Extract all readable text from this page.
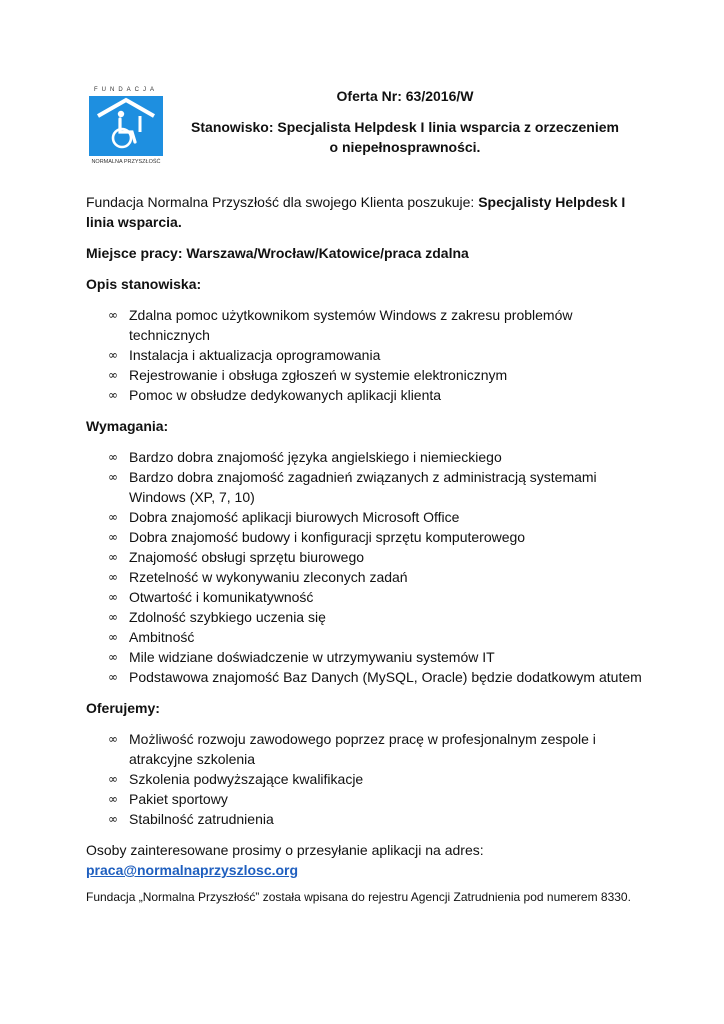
FUNDACJA
NORMALNA PRZYSZŁOŚĆ
Oferta Nr: 63/2016/W
Stanowisko: Specjalista Helpdesk I linia wsparcia z orzeczeniem
o niepełnosprawności.

Fundacja Normalna Przyszłość dla swojego Klienta poszukuje: Specjalisty Helpdesk I linia wsparcia.

Miejsce pracy: Warszawa/Wrocław/Katowice/praca zdalna

Opis stanowiska:

∞ Zdalna pomoc użytkownikom systemów Windows z zakresu problemów technicznych
∞ Instalacja i aktualizacja oprogramowania
∞ Rejestrowanie i obsługa zgłoszeń w systemie elektronicznym
∞ Pomoc w obsłudze dedykowanych aplikacji klienta

Wymagania:

∞ Bardzo dobra znajomość języka angielskiego i niemieckiego
∞ Bardzo dobra znajomość zagadnień związanych z administracją systemami Windows (XP, 7, 10)
∞ Dobra znajomość aplikacji biurowych Microsoft Office
∞ Dobra znajomość budowy i konfiguracji sprzętu komputerowego
∞ Znajomość obsługi sprzętu biurowego
∞ Rzetelność w wykonywaniu zleconych zadań
∞ Otwartość i komunikatywność
∞ Zdolność szybkiego uczenia się
∞ Ambitność
∞ Mile widziane doświadczenie w utrzymywaniu systemów IT
∞ Podstawowa znajomość Baz Danych (MySQL, Oracle) będzie dodatkowym atutem

Oferujemy:

∞ Możliwość rozwoju zawodowego poprzez pracę w profesjonalnym zespole i atrakcyjne szkolenia
∞ Szkolenia podwyższające kwalifikacje
∞ Pakiet sportowy
∞ Stabilność zatrudnienia
Osoby zainteresowane prosimy o przesyłanie aplikacji na adres:
praca@normalnaprzyszlosc.org
Fundacja „Normalna Przyszłość” została wpisana do rejestru Agencji Zatrudnienia pod numerem 8330.
